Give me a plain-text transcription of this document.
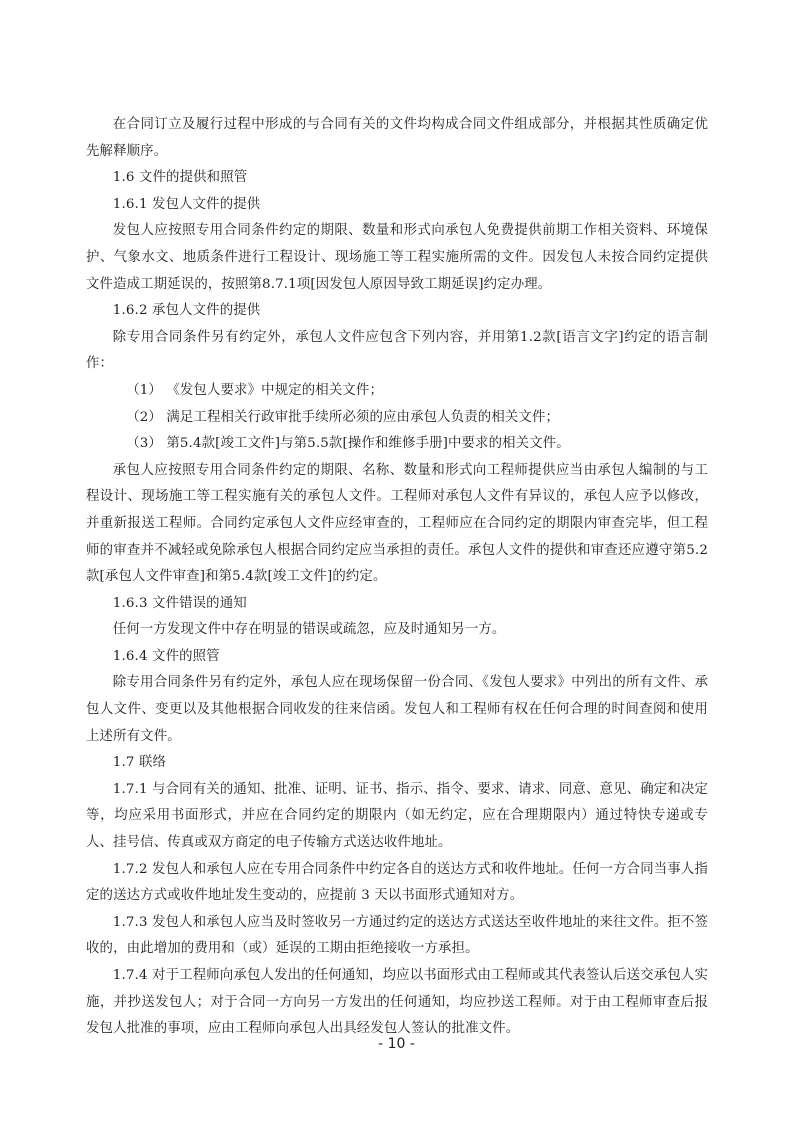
在合同订立及履行过程中形成的与合同有关的文件均构成合同文件组成部分，并根据其性质确定优先解释顺序。

1.6 文件的提供和照管

1.6.1 发包人文件的提供

发包人应按照专用合同条件约定的期限、数量和形式向承包人免费提供前期工作相关资料、环境保护、气象水文、地质条件进行工程设计、现场施工等工程实施所需的文件。因发包人未按合同约定提供文件造成工期延误的，按照第8.7.1项[因发包人原因导致工期延误]约定办理。

1.6.2 承包人文件的提供

除专用合同条件另有约定外，承包人文件应包含下列内容，并用第1.2款[语言文字]约定的语言制作：

（1） 《发包人要求》中规定的相关文件；

（2） 满足工程相关行政审批手续所必须的应由承包人负责的相关文件；

（3） 第5.4款[竣工文件]与第5.5款[操作和维修手册]中要求的相关文件。

承包人应按照专用合同条件约定的期限、名称、数量和形式向工程师提供应当由承包人编制的与工程设计、现场施工等工程实施有关的承包人文件。工程师对承包人文件有异议的，承包人应予以修改，并重新报送工程师。合同约定承包人文件应经审查的，工程师应在合同约定的期限内审查完毕，但工程师的审查并不减轻或免除承包人根据合同约定应当承担的责任。承包人文件的提供和审查还应遵守第5.2款[承包人文件审查]和第5.4款[竣工文件]的约定。

1.6.3 文件错误的通知

任何一方发现文件中存在明显的错误或疏忽，应及时通知另一方。

1.6.4 文件的照管

除专用合同条件另有约定外，承包人应在现场保留一份合同、《发包人要求》中列出的所有文件、承包人文件、变更以及其他根据合同收发的往来信函。发包人和工程师有权在任何合理的时间查阅和使用上述所有文件。

1.7 联络

1.7.1 与合同有关的通知、批准、证明、证书、指示、指令、要求、请求、同意、意见、确定和决定等，均应采用书面形式，并应在合同约定的期限内（如无约定，应在合理期限内）通过特快专递或专人、挂号信、传真或双方商定的电子传输方式送达收件地址。

1.7.2 发包人和承包人应在专用合同条件中约定各自的送达方式和收件地址。任何一方合同当事人指定的送达方式或收件地址发生变动的，应提前 3 天以书面形式通知对方。

1.7.3 发包人和承包人应当及时签收另一方通过约定的送达方式送达至收件地址的来往文件。拒不签收的，由此增加的费用和（或）延误的工期由拒绝接收一方承担。

1.7.4 对于工程师向承包人发出的任何通知，均应以书面形式由工程师或其代表签认后送交承包人实施，并抄送发包人；对于合同一方向另一方发出的任何通知，均应抄送工程师。对于由工程师审查后报发包人批准的事项，应由工程师向承包人出具经发包人签认的批准文件。

- 10 -
